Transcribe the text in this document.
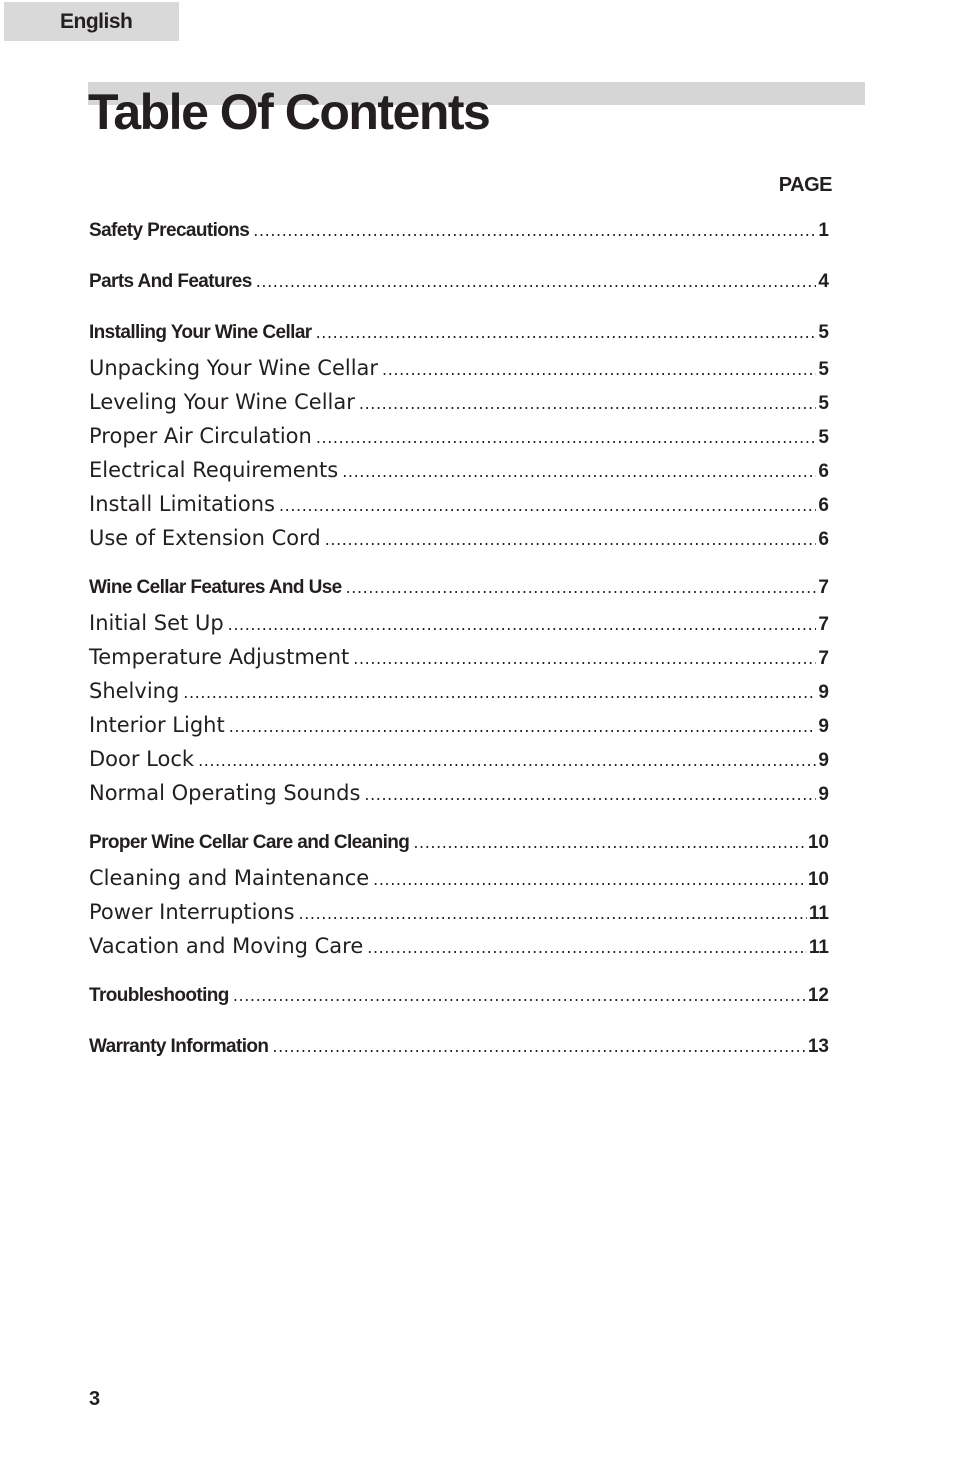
English
Table Of Contents
PAGE
Safety Precautions .....	1
Parts And Features .....	4
Installing Your Wine Cellar .....	5
Unpacking Your Wine Cellar .....	5
Leveling Your Wine Cellar .....	5
Proper Air Circulation .....	5
Electrical Requirements .....	6
Install Limitations .....	6
Use of Extension Cord .....	6
Wine Cellar Features And Use .....	7
Initial Set Up .....	7
Temperature Adjustment .....	7
Shelving .....	9
Interior Light .....	9
Door Lock .....	9
Normal Operating Sounds .....	9
Proper Wine Cellar Care and Cleaning .....	10
Cleaning and Maintenance .....	10
Power Interruptions .....	11
Vacation and Moving Care .....	11
Troubleshooting .....	12
Warranty Information .....	13
3
